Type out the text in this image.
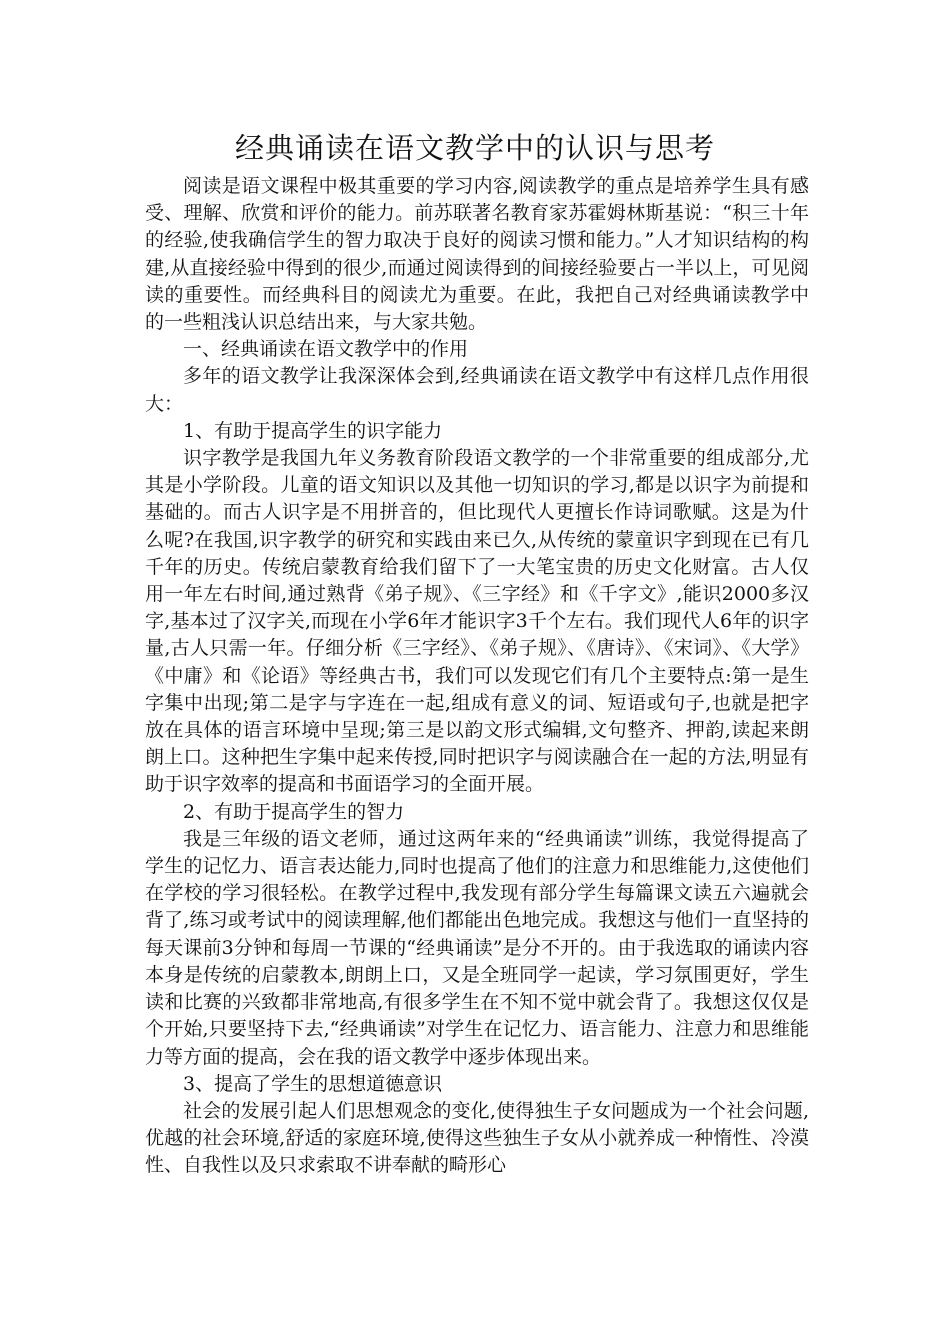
经典诵读在语文教学中的认识与思考

阅读是语文课程中极其重要的学习内容,阅读教学的重点是培养学生具有感受、理解、欣赏和评价的能力。前苏联著名教育家苏霍姆林斯基说：“积三十年的经验,使我确信学生的智力取决于良好的阅读习惯和能力。”人才知识结构的构建,从直接经验中得到的很少,而通过阅读得到的间接经验要占一半以上，可见阅读的重要性。而经典科目的阅读尤为重要。在此，我把自己对经典诵读教学中的一些粗浅认识总结出来，与大家共勉。

一、经典诵读在语文教学中的作用

多年的语文教学让我深深体会到,经典诵读在语文教学中有这样几点作用很大：

1、有助于提高学生的识字能力

识字教学是我国九年义务教育阶段语文教学的一个非常重要的组成部分,尤其是小学阶段。儿童的语文知识以及其他一切知识的学习,都是以识字为前提和基础的。而古人识字是不用拼音的，但比现代人更擅长作诗词歌赋。这是为什么呢?在我国,识字教学的研究和实践由来已久,从传统的蒙童识字到现在已有几千年的历史。传统启蒙教育给我们留下了一大笔宝贵的历史文化财富。古人仅用一年左右时间,通过熟背《弟子规》、《三字经》和《千字文》,能识2000多汉字,基本过了汉字关,而现在小学6年才能识字3千个左右。我们现代人6年的识字量,古人只需一年。仔细分析《三字经》、《弟子规》、《唐诗》、《宋词》、《大学》《中庸》和《论语》等经典古书，我们可以发现它们有几个主要特点:第一是生字集中出现;第二是字与字连在一起,组成有意义的词、短语或句子,也就是把字放在具体的语言环境中呈现;第三是以韵文形式编辑,文句整齐、押韵,读起来朗朗上口。这种把生字集中起来传授,同时把识字与阅读融合在一起的方法,明显有助于识字效率的提高和书面语学习的全面开展。

2、有助于提高学生的智力

我是三年级的语文老师，通过这两年来的“经典诵读”训练，我觉得提高了学生的记忆力、语言表达能力,同时也提高了他们的注意力和思维能力,这使他们在学校的学习很轻松。在教学过程中,我发现有部分学生每篇课文读五六遍就会背了,练习或考试中的阅读理解,他们都能出色地完成。我想这与他们一直坚持的每天课前3分钟和每周一节课的“经典诵读”是分不开的。由于我选取的诵读内容本身是传统的启蒙教本,朗朗上口，又是全班同学一起读，学习氛围更好，学生读和比赛的兴致都非常地高,有很多学生在不知不觉中就会背了。我想这仅仅是个开始,只要坚持下去,“经典诵读”对学生在记忆力、语言能力、注意力和思维能力等方面的提高，会在我的语文教学中逐步体现出来。

3、提高了学生的思想道德意识

社会的发展引起人们思想观念的变化,使得独生子女问题成为一个社会问题,优越的社会环境,舒适的家庭环境,使得这些独生子女从小就养成一种惰性、冷漠性、自我性以及只求索取不讲奉献的畸形心
